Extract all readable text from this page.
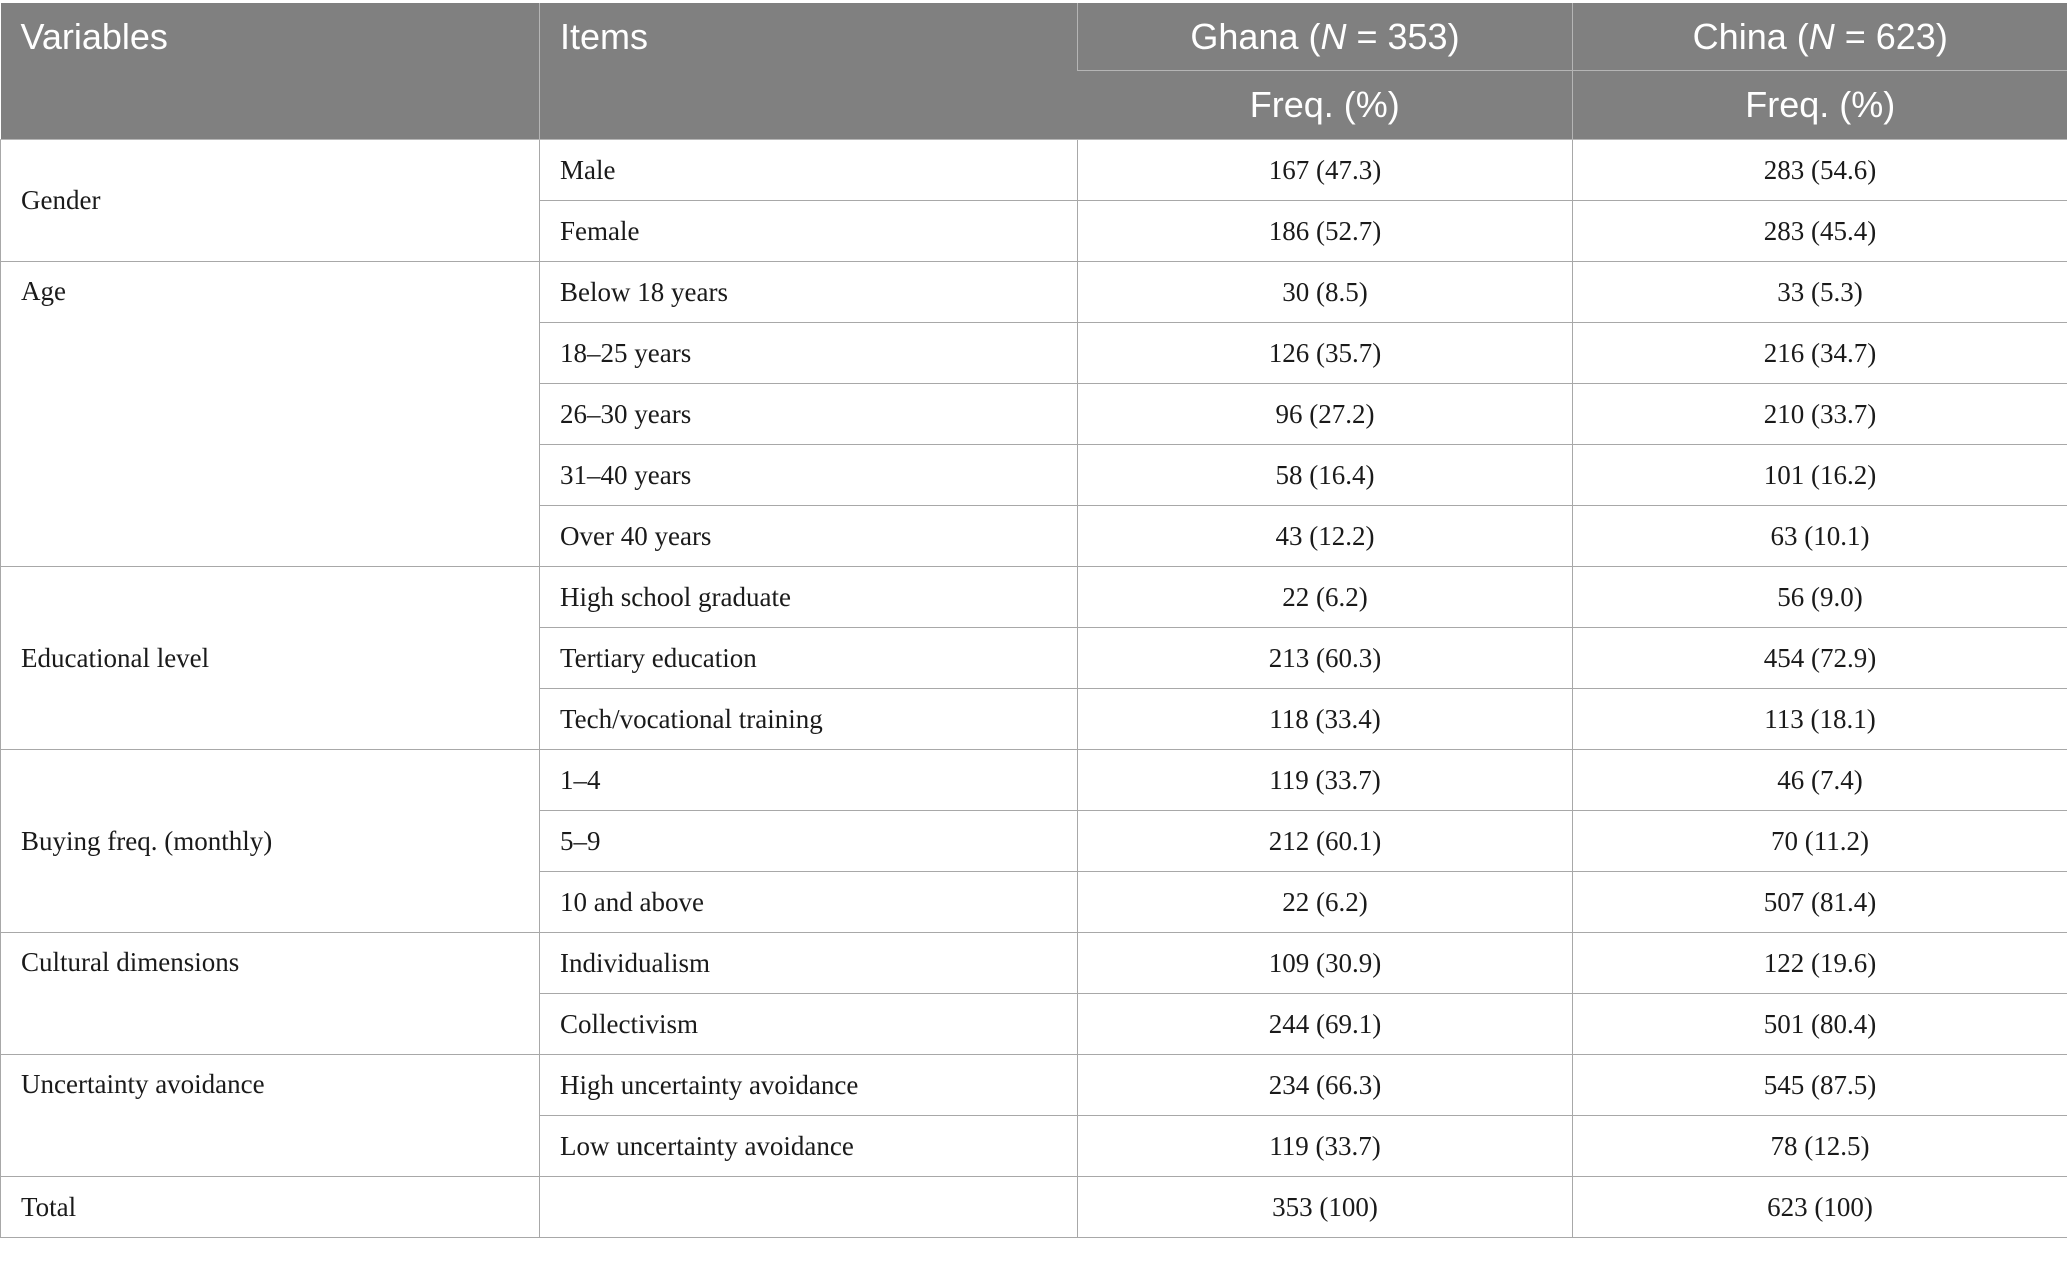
Variables	Items	Ghana (N = 353)	China (N = 623)
		Freq. (%)	Freq. (%)
Gender	Male	167 (47.3)	283 (54.6)
	Female	186 (52.7)	283 (45.4)
Age	Below 18 years	30 (8.5)	33 (5.3)
	18–25 years	126 (35.7)	216 (34.7)
	26–30 years	96 (27.2)	210 (33.7)
	31–40 years	58 (16.4)	101 (16.2)
	Over 40 years	43 (12.2)	63 (10.1)
Educational level	High school graduate	22 (6.2)	56 (9.0)
	Tertiary education	213 (60.3)	454 (72.9)
	Tech/vocational training	118 (33.4)	113 (18.1)
Buying freq. (monthly)	1–4	119 (33.7)	46 (7.4)
	5–9	212 (60.1)	70 (11.2)
	10 and above	22 (6.2)	507 (81.4)
Cultural dimensions	Individualism	109 (30.9)	122 (19.6)
	Collectivism	244 (69.1)	501 (80.4)
Uncertainty avoidance	High uncertainty avoidance	234 (66.3)	545 (87.5)
	Low uncertainty avoidance	119 (33.7)	78 (12.5)
Total		353 (100)	623 (100)
